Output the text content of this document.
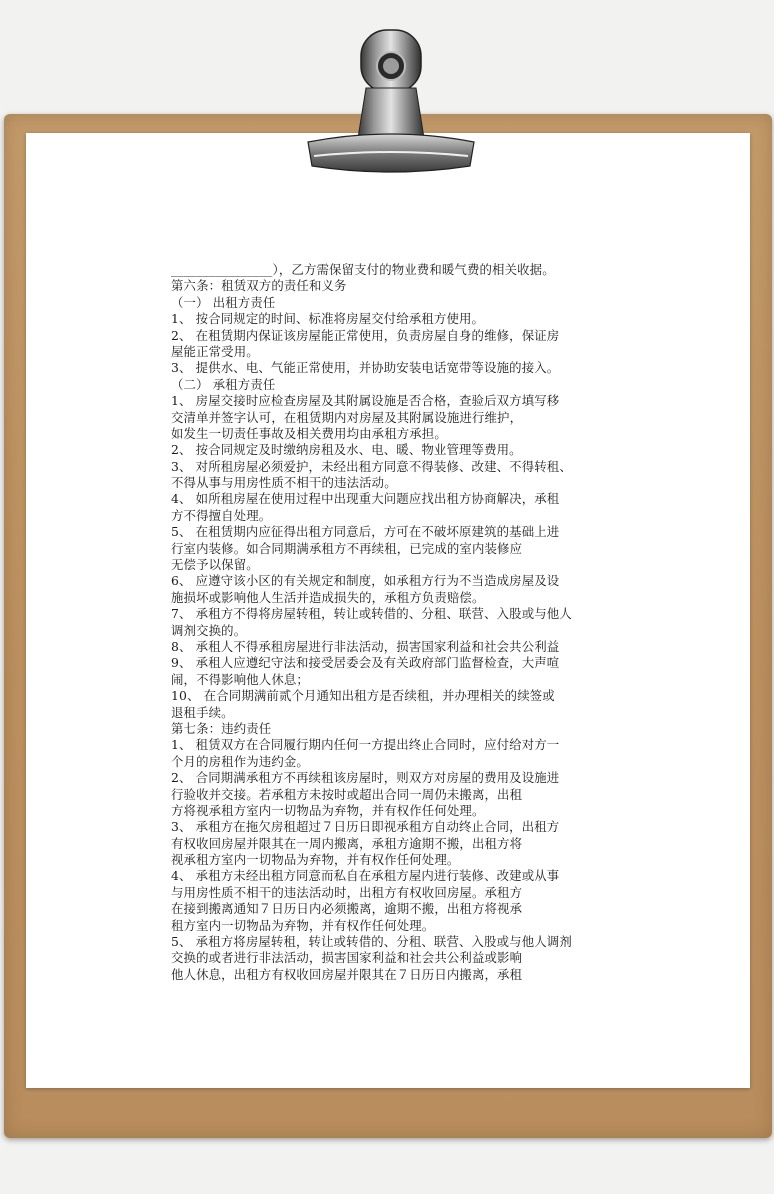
________________），乙方需保留支付的物业费和暖气费的相关收据。
第六条：租赁双方的责任和义务
（一） 出租方责任
1、 按合同规定的时间、标准将房屋交付给承租方使用。
2、 在租赁期内保证该房屋能正常使用，负责房屋自身的维修，保证房
屋能正常受用。
3、 提供水、电、气能正常使用，并协助安装电话宽带等设施的接入。
（二） 承租方责任
1、 房屋交接时应检查房屋及其附属设施是否合格，查验后双方填写移
交清单并签字认可，在租赁期内对房屋及其附属设施进行维护，
如发生一切责任事故及相关费用均由承租方承担。
2、 按合同规定及时缴纳房租及水、电、暖、物业管理等费用。
3、 对所租房屋必须爱护，未经出租方同意不得装修、改建、不得转租、
不得从事与用房性质不相干的违法活动。
4、 如所租房屋在使用过程中出现重大问题应找出租方协商解决，承租
方不得擅自处理。
5、 在租赁期内应征得出租方同意后，方可在不破坏原建筑的基础上进
行室内装修。如合同期满承租方不再续租，已完成的室内装修应
无偿予以保留。
6、 应遵守该小区的有关规定和制度，如承租方行为不当造成房屋及设
施损坏或影响他人生活并造成损失的，承租方负责赔偿。
7、 承租方不得将房屋转租，转让或转借的、分租、联营、入股或与他人
调剂交换的。
8、 承租人不得承租房屋进行非法活动，损害国家利益和社会共公利益
9、 承租人应遵纪守法和接受居委会及有关政府部门监督检查，大声喧
闹，不得影响他人休息；
10、 在合同期满前贰个月通知出租方是否续租，并办理相关的续签或
退租手续。
第七条：违约责任
1、 租赁双方在合同履行期内任何一方提出终止合同时，应付给对方一
个月的房租作为违约金。
2、 合同期满承租方不再续租该房屋时，则双方对房屋的费用及设施进
行验收并交接。若承租方未按时或超出合同一周仍未搬离，出租
方将视承租方室内一切物品为弃物，并有权作任何处理。
3、 承租方在拖欠房租超过７日历日即视承租方自动终止合同，出租方
有权收回房屋并限其在一周内搬离，承租方逾期不搬，出租方将
视承租方室内一切物品为弃物，并有权作任何处理。
4、 承租方未经出租方同意而私自在承租方屋内进行装修、改建或从事
与用房性质不相干的违法活动时，出租方有权收回房屋。承租方
在接到搬离通知７日历日内必须搬离，逾期不搬，出租方将视承
租方室内一切物品为弃物，并有权作任何处理。
5、 承租方将房屋转租，转让或转借的、分租、联营、入股或与他人调剂
交换的或者进行非法活动，损害国家利益和社会共公利益或影响
他人休息，出租方有权收回房屋并限其在７日历日内搬离，承租
